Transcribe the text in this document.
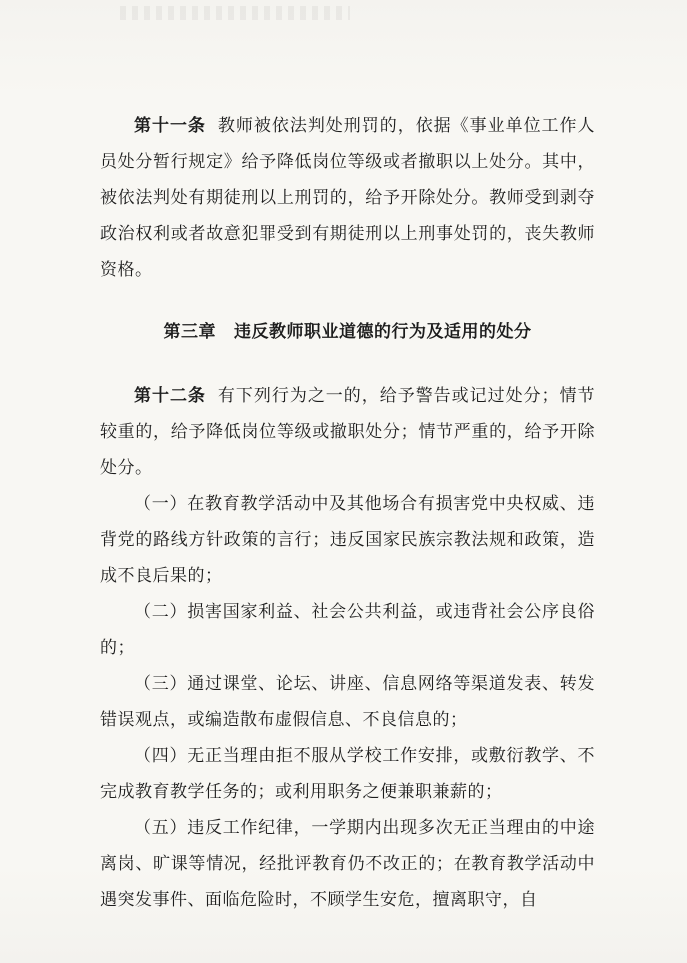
第十一条 教师被依法判处刑罚的，依据《事业单位工作人员处分暂行规定》给予降低岗位等级或者撤职以上处分。其中，被依法判处有期徒刑以上刑罚的，给予开除处分。教师受到剥夺政治权利或者故意犯罪受到有期徒刑以上刑事处罚的，丧失教师资格。

第三章 违反教师职业道德的行为及适用的处分

第十二条 有下列行为之一的，给予警告或记过处分；情节较重的，给予降低岗位等级或撤职处分；情节严重的，给予开除处分。

（一）在教育教学活动中及其他场合有损害党中央权威、违背党的路线方针政策的言行；违反国家民族宗教法规和政策，造成不良后果的；

（二）损害国家利益、社会公共利益，或违背社会公序良俗的；

（三）通过课堂、论坛、讲座、信息网络等渠道发表、转发错误观点，或编造散布虚假信息、不良信息的；

（四）无正当理由拒不服从学校工作安排，或敷衍教学、不完成教育教学任务的；或利用职务之便兼职兼薪的；

（五）违反工作纪律，一学期内出现多次无正当理由的中途离岗、旷课等情况，经批评教育仍不改正的；在教育教学活动中遇突发事件、面临危险时，不顾学生安危，擅离职守，自
